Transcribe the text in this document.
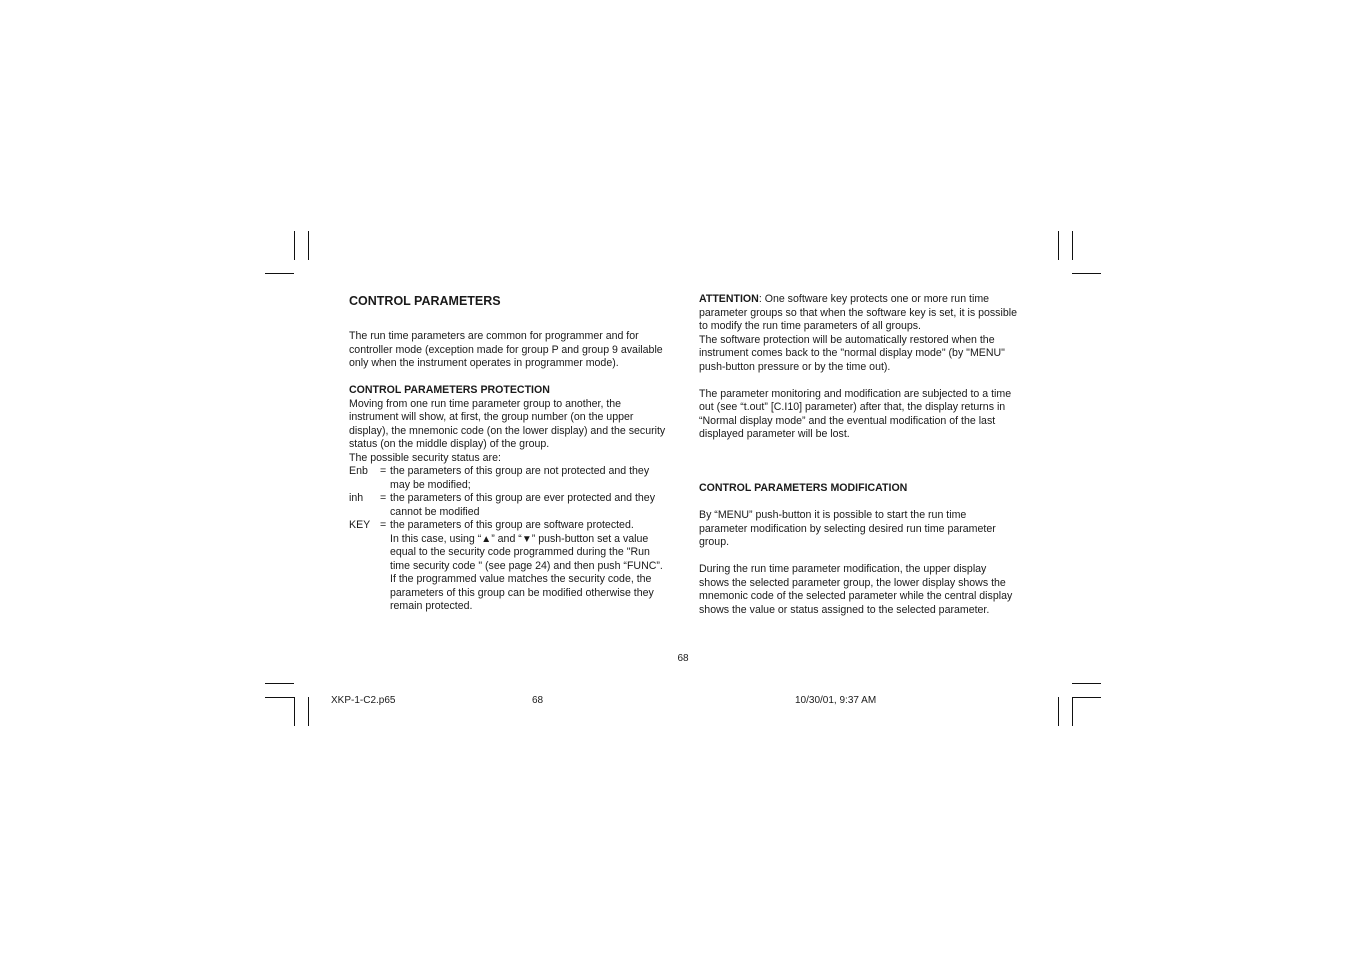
CONTROL PARAMETERS

The run time parameters are common for programmer and for controller mode (exception made for group P and group 9 available only when the instrument operates in programmer mode).

CONTROL PARAMETERS PROTECTION

Moving from one run time parameter group to another, the instrument will show, at first, the group number (on the upper display), the mnemonic code (on the lower display) and the security status (on the middle display) of the group.

The possible security status are:

Enb	= the parameters of this group are not protected and they may be modified;
inh	= the parameters of this group are ever protected and they cannot be modified
KEY = the parameters of this group are software protected.

In this case, using “▲” and “▼” push-button set a value equal to the security code programmed during the "Run time security code " (see page 24) and then push “FUNC”.

If the programmed value matches the security code, the parameters of this group can be modified otherwise they remain protected.

ATTENTION: One software key protects one or more run time parameter groups so that when the software key is set, it is possible to modify the run time parameters of all groups.

The software protection will be automatically restored when the instrument comes back to the "normal display mode" (by "MENU" push-button pressure or by the time out).

The parameter monitoring and modification are subjected to a time out (see “t.out” [C.I10] parameter) after that, the display returns in “Normal display mode” and the eventual modification of the last displayed parameter will be lost.

CONTROL PARAMETERS MODIFICATION

By “MENU” push-button it is possible to start the run time parameter modification by selecting desired run time parameter group.

During the run time parameter modification, the upper display shows the selected parameter group, the lower display shows the mnemonic code of the selected parameter while the central display shows the value or status assigned to the selected parameter.

68
XKP-1-C2.p65	68	10/30/01, 9:37 AM
